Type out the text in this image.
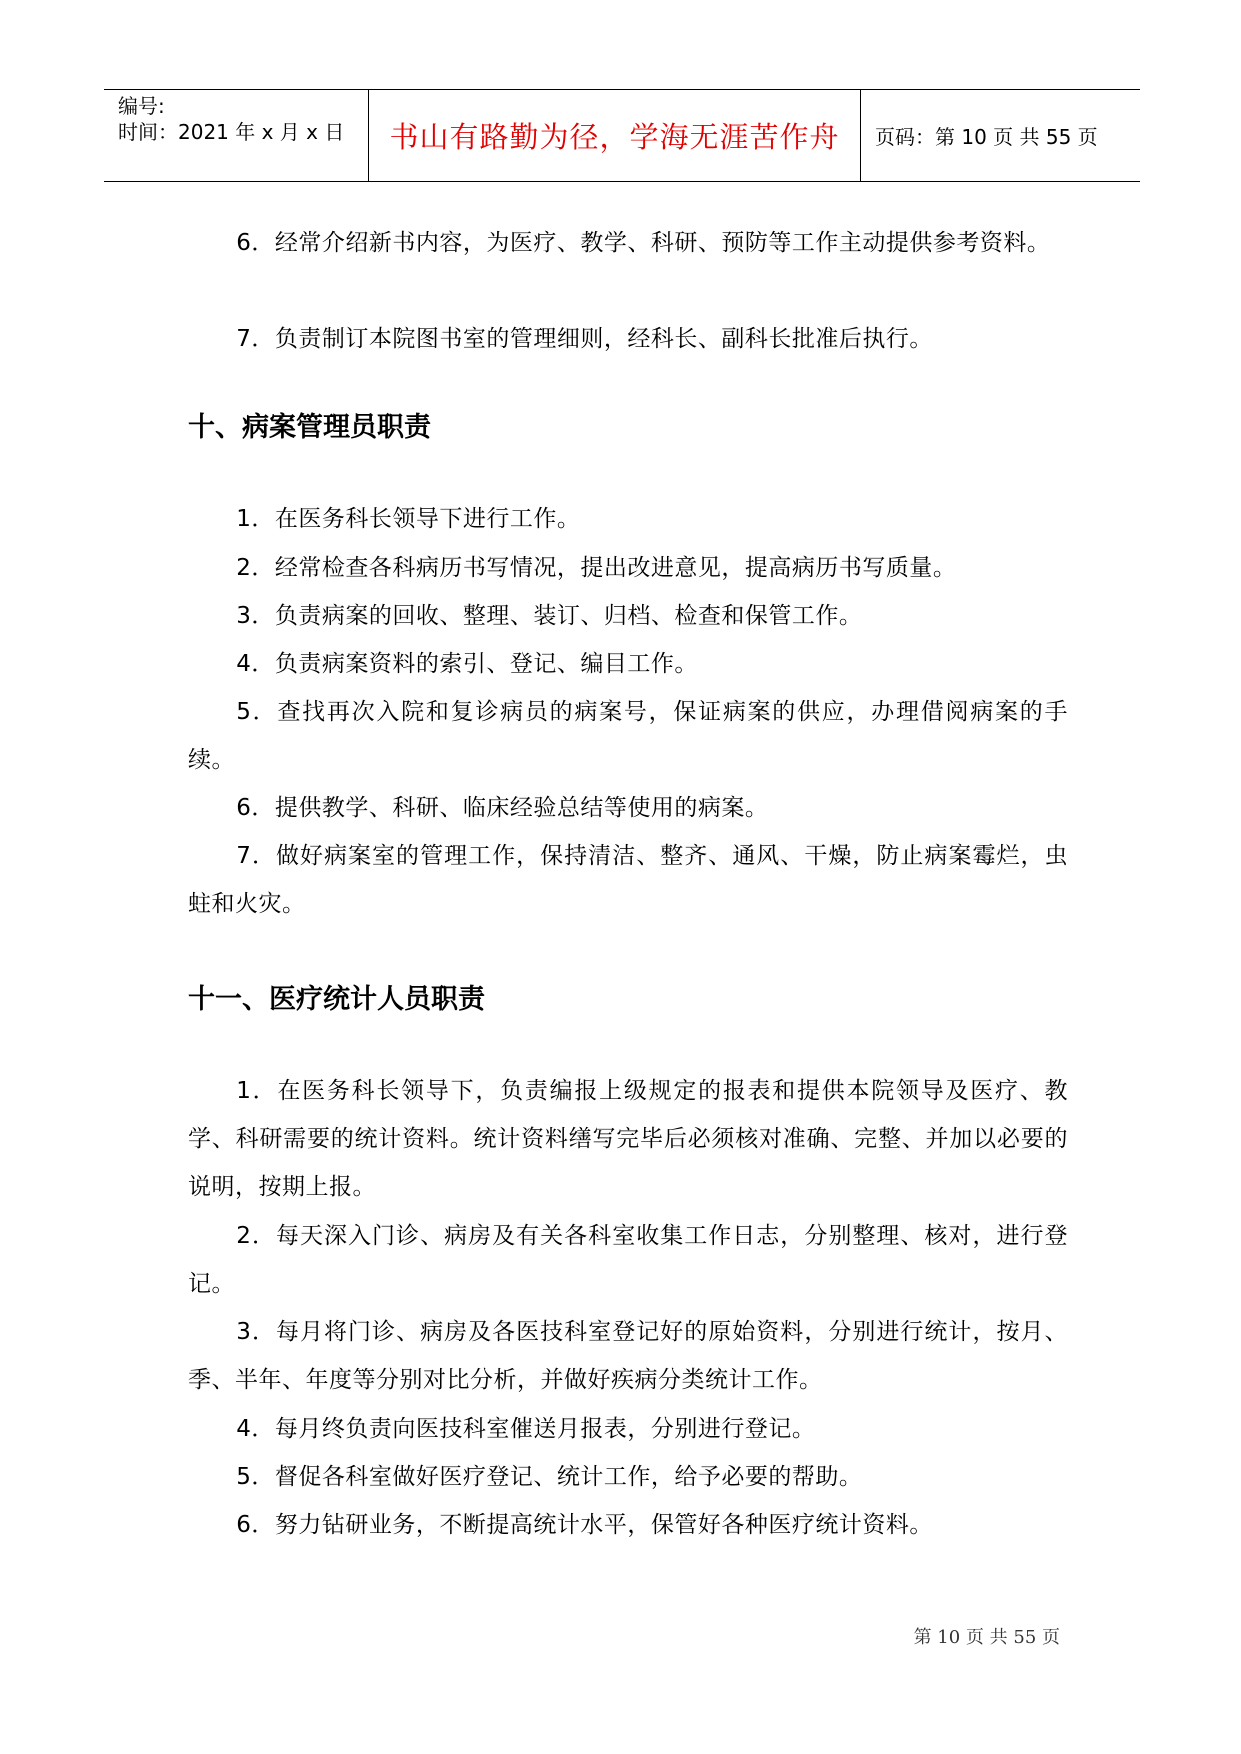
编号:
时间：2021 年 x 月 x 日 书山有路勤为径，学海无涯苦作舟 页码：第 10 页 共 55 页

6．经常介绍新书内容，为医疗、教学、科研、预防等工作主动提供参考资料。

7．负责制订本院图书室的管理细则，经科长、副科长批准后执行。

十、病案管理员职责

1．在医务科长领导下进行工作。

2．经常检查各科病历书写情况，提出改进意见，提高病历书写质量。

3．负责病案的回收、整理、装订、归档、检查和保管工作。

4．负责病案资料的索引、登记、编目工作。

5．查找再次入院和复诊病员的病案号，保证病案的供应，办理借阅病案的手续。

6．提供教学、科研、临床经验总结等使用的病案。

7．做好病案室的管理工作，保持清洁、整齐、通风、干燥，防止病案霉烂，虫蛀和火灾。

十一、医疗统计人员职责

1．在医务科长领导下，负责编报上级规定的报表和提供本院领导及医疗、教学、科研需要的统计资料。统计资料缮写完毕后必须核对准确、完整、并加以必要的说明，按期上报。

2．每天深入门诊、病房及有关各科室收集工作日志，分别整理、核对，进行登记。

3．每月将门诊、病房及各医技科室登记好的原始资料，分别进行统计，按月、季、半年、年度等分别对比分析，并做好疾病分类统计工作。

4．每月终负责向医技科室催送月报表，分别进行登记。

5．督促各科室做好医疗登记、统计工作，给予必要的帮助。

6．努力钻研业务，不断提高统计水平，保管好各种医疗统计资料。

第 10 页 共 55 页
